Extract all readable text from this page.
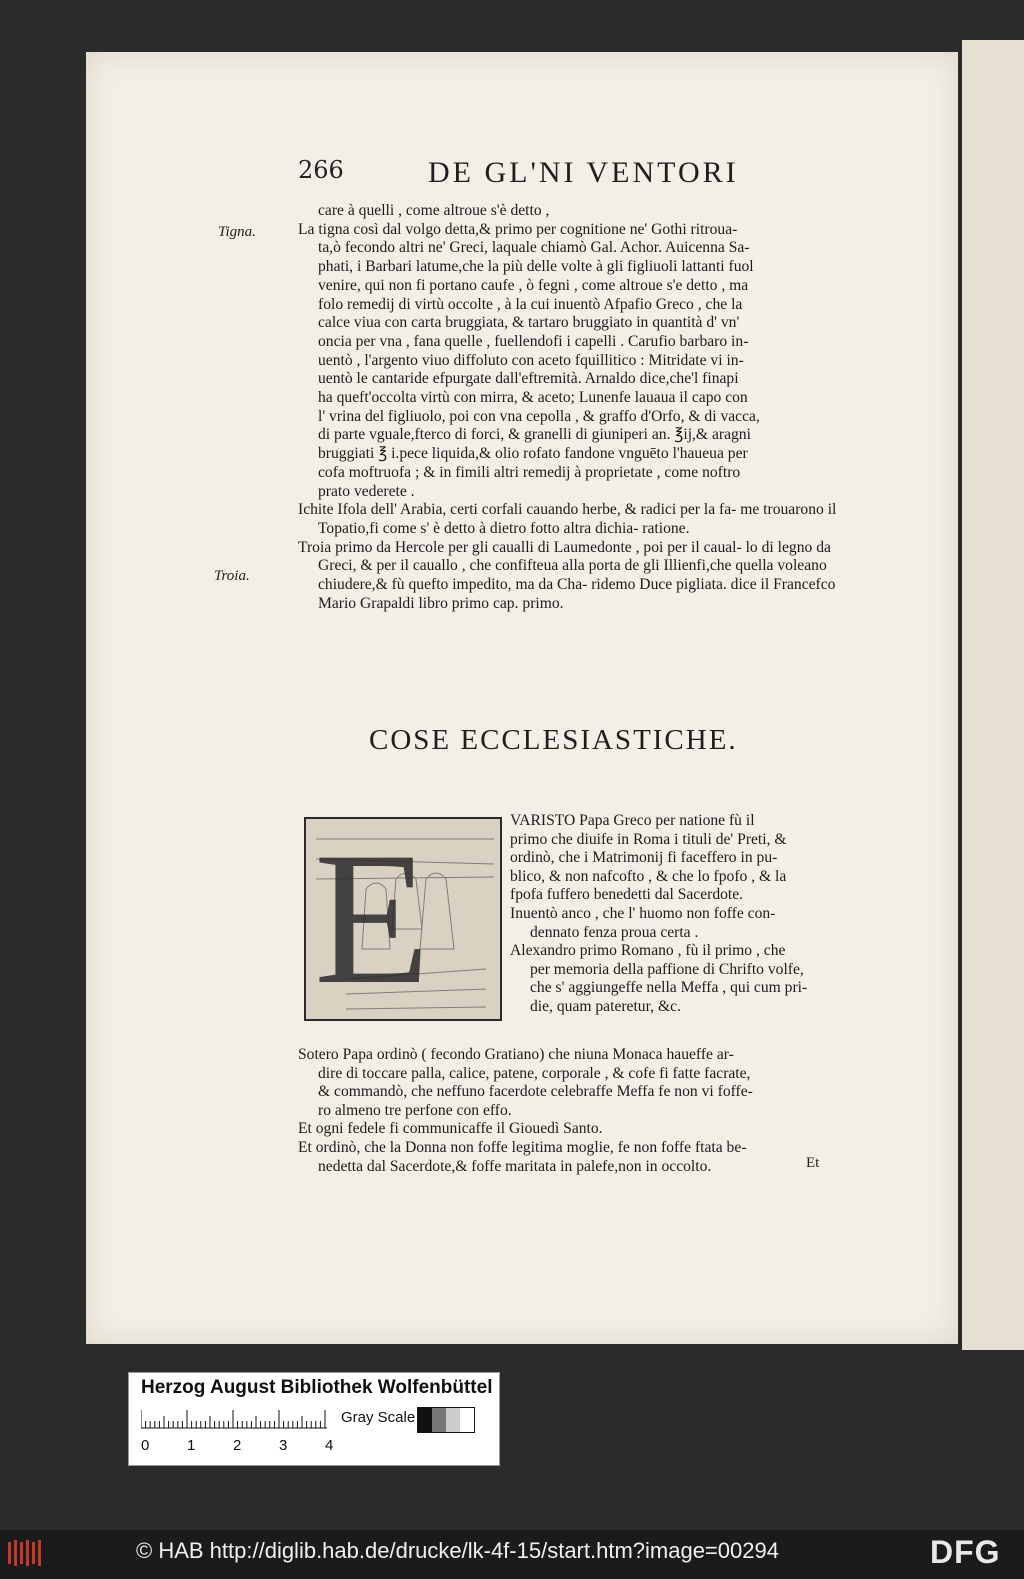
266	DE GL'NI VENTORI
Tigna.
Troia.

care à quelli , come altroue s'è detto ,

La tigna così dal volgo detta,& primo per cognitione ne' Gothi ritroua-

ta,ò fecondo altri ne' Greci, laquale chiamò Gal. Achor. Auicenna Sa-

phati, i Barbari latume,che la più delle volte à gli figliuoli lattanti fuol

venire, qui non fi portano caufe , ò fegni , come altroue s'e detto , ma

folo remedij di virtù occolte , à la cui inuentò Afpafio Greco , che la

calce viua con carta bruggiata, & tartaro bruggiato in quantità d' vn'

oncia per vna , fana quelle , fuellendofi i capelli . Carufio barbaro in-

uentò , l'argento viuo diffoluto con aceto fquillitico : Mitridate vi in-

uentò le cantaride efpurgate dall'eftremità. Arnaldo dice,che'l finapi

ha queft'occolta virtù con mirra, & aceto; Lunenfe lauaua il capo con

l' vrina del figliuolo, poi con vna cepolla , & graffo d'Orfo, & di vacca,

di parte vguale,fterco di forci, & granelli di giuniperi an. ℥ij,& aragni

bruggiati ℥ i.pece liquida,& olio rofato fandone vnguēto l'haueua per

cofa moftruofa ; & in fimili altri remedij à proprietate , come noftro

prato vederete .

Ichite Ifola dell' Arabia, certi corfali cauando herbe, & radici per la fa- me trouarono il Topatio,fi come s' è detto à dietro fotto altra dichia- ratione.

Troia primo da Hercole per gli caualli di Laumedonte , poi per il caual- lo di legno da Greci, & per il cauallo , che confifteua alla porta de gli Illienfi,che quella voleano chiudere,& fù quefto impedito, ma da Cha- ridemo Duce pigliata. dice il Francefco Mario Grapaldi libro primo cap. primo.

COSE ECCLESIASTICHE.
E	VARISTO Papa Greco per natione fù il

primo che diuife in Roma i tituli de' Preti, &

ordinò, che i Matrimonij fi faceffero in pu-

blico, & non nafcofto , & che lo fpofo , & la

fpofa fuffero benedetti dal Sacerdote.

Inuentò anco , che l' huomo non foffe con-

dennato fenza proua certa .

Alexandro primo Romano , fù il primo , che

per memoria della paffione di Chrifto volfe,

che s' aggiungeffe nella Meffa , qui cum pri-

die, quam pateretur, &c.

Sotero Papa ordinò ( fecondo Gratiano) che niuna Monaca haueffe ar-

dire di toccare palla, calice, patene, corporale , & cofe fi fatte facrate,

& commandò, che neffuno facerdote celebraffe Meffa fe non vi foffe-

ro almeno tre perfone con effo.

Et ogni fedele fi communicaffe il Giouedì Santo.

Et ordinò, che la Donna non foffe legitima moglie, fe non foffe ftata be-

nedetta dal Sacerdote,& foffe maritata in palefe,non in occolto.	Et
Herzog August Bibliothek Wolfenbüttel
Gray Scale
0	1	2	3	4
© HAB http://diglib.hab.de/drucke/lk-4f-15/start.htm?image=00294	DFG
